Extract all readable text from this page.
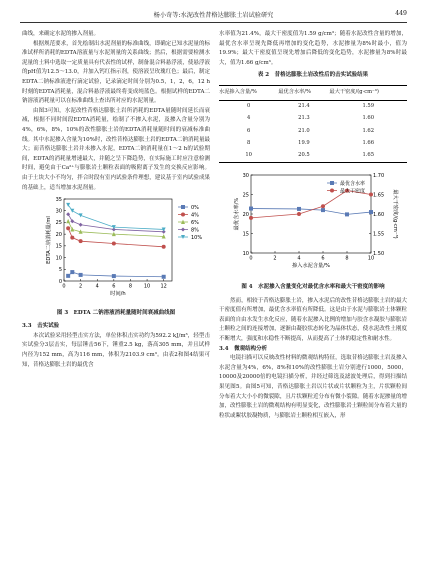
杨小奇等:水泥改性昔格达膨胀土岩试验研究	449

曲线，来确定水泥的掺入剂量。

根据规范要求，首先绘制出水泥剂量的标准曲线，即确定已知水泥量的标准试样所消耗的EDTA溶液量与水泥剂量的关系曲线；然后，根据需要检测水泥量的土料中选取一定质量具有代表性的试样，制备混合料悬浮液，使悬浮液的pH值为12.5～13.0，并加入钙红指示剂，使溶液呈玫瑰红色；最后，制定EDTA二钠标准液进行滴定试验，记录滴定时间分别为0.5，1，2，6，12 h时刻的EDTA消耗量，混合料悬浮液最终将变成纯蓝色。根据试样的EDTA二钠溶液消耗量可以在标准曲线上查出所对应的水泥剂量。

由图3可知，水泥改性昔格达膨胀土岩所消耗的EDTA量随时间延长而衰减，根据不同时间段EDTA消耗量，绘制了不掺入水泥，及掺入含量分别为4%，6%，8%，10%的改性膨胀土岩的EDTA消耗量随时间的衰减标准曲线。其中水泥掺入含量为10%时，改性昔格达膨胀土岩的EDTA二钠消耗量最大；而昔格达膨胀土岩并未掺入水泥，EDTA二钠消耗量在1～2 h的试验期间，EDTA的消耗量增速最大，并随之呈下降趋势，在实际施工时应注意检测时间，避免由于Ca²⁺与膨胀岩土颗粒表面的吸附离子发生的交换反应影响。由于土块大小不均匀，拌合时段有室内试验条件理想，建议基于室内试验成果的基础上，适当增加水泥剂量。

0
5
10
15
20
25
30
35
0	2	4	6	8 10 12
时间/h
EDTA二钠消耗量/ml
0%
4%
6%
8%
10%
图 3　EDTA 二钠溶液消耗量随时间衰减曲线图

3.3　击实试验

本次试验采用轻型击实方法，单位体积击实功约为592.2 kJ/m³，轻型击实试验分3层击实，每层锤击56下，锤重2.5 kg，落高305 mm，并且试样内径为152 mm，高为116 mm，体积为2103.9 cm³。由表2和图4结果可知，昔格达膨胀土岩的最优含

水率值为21.4%，最大干密度值为1.59 g/cm³；随着水泥改性含量的增加，最优含水率呈现先降低再增加的变化趋势，水泥掺量为8%时最小，值为19.9%；最大干密度值呈现先增加后降低的变化趋势，水泥掺量为8%时最大，值为1.66 g/cm³。

表 2　昔格达膨胀土岩改性后的击实试验结果
水泥掺入含量/%	最优含水率/%	最大干密度/(g·cm⁻³)
0	21.4	1.59
4	21.3	1.60
6	21.0	1.62
8	19.9	1.66
10	20.5	1.65
10
15
20
25
30
1.50
1.55
1.60
1.65
1.70
0	2	4	6	8	10
掺入水泥含量/%
最优含水率/%	最大干密度/(g·cm⁻³)
最优含水率
最大干密度
图 4　水泥掺入含量变化对最优含水率和最大干密度的影响

然而，相较于昔格达膨胀土岩，掺入水泥后的改性昔格达膨胀土岩的最大干密度值有所增加，最优含水率值有所降低。这是由于水泥与膨胀岩土体颗粒表面的自由水发生水化反应，随着水泥掺入比例的增加与胶含水凝胶与膨胀岩土颗粒之间的连接增加，逐渐由凝胶状态转化为晶体状态，使水泥改性土刚度不断增大，强度和水稳性不断提高，从而提高了土体的稳定性和耐水性。

3.4　微观结构分析

电镜扫描可以反映改性材料的微观结构特征，选取昔格达膨胀土岩及掺入水泥含量为4%，6%，8%和10%的改性膨胀土岩分别进行1000，5000，10000及20000倍的电镜扫描分析，并经过筛选及滤波处理后，得到扫描结果见图5。由图5可知，昔格达膨胀土岩以片状或片状颗粒为主，片状颗粒间分布着大大小小的微裂隙，且片状颗粒近分布有微小裂隙。随着水泥掺量的增加，改性膨胀土岩的微观结构有明显变化，改性膨胀岩土颗粒间分布着大量的粒状或絮状胶凝物质，与膨胀岩土颗粒相互嵌入，形
